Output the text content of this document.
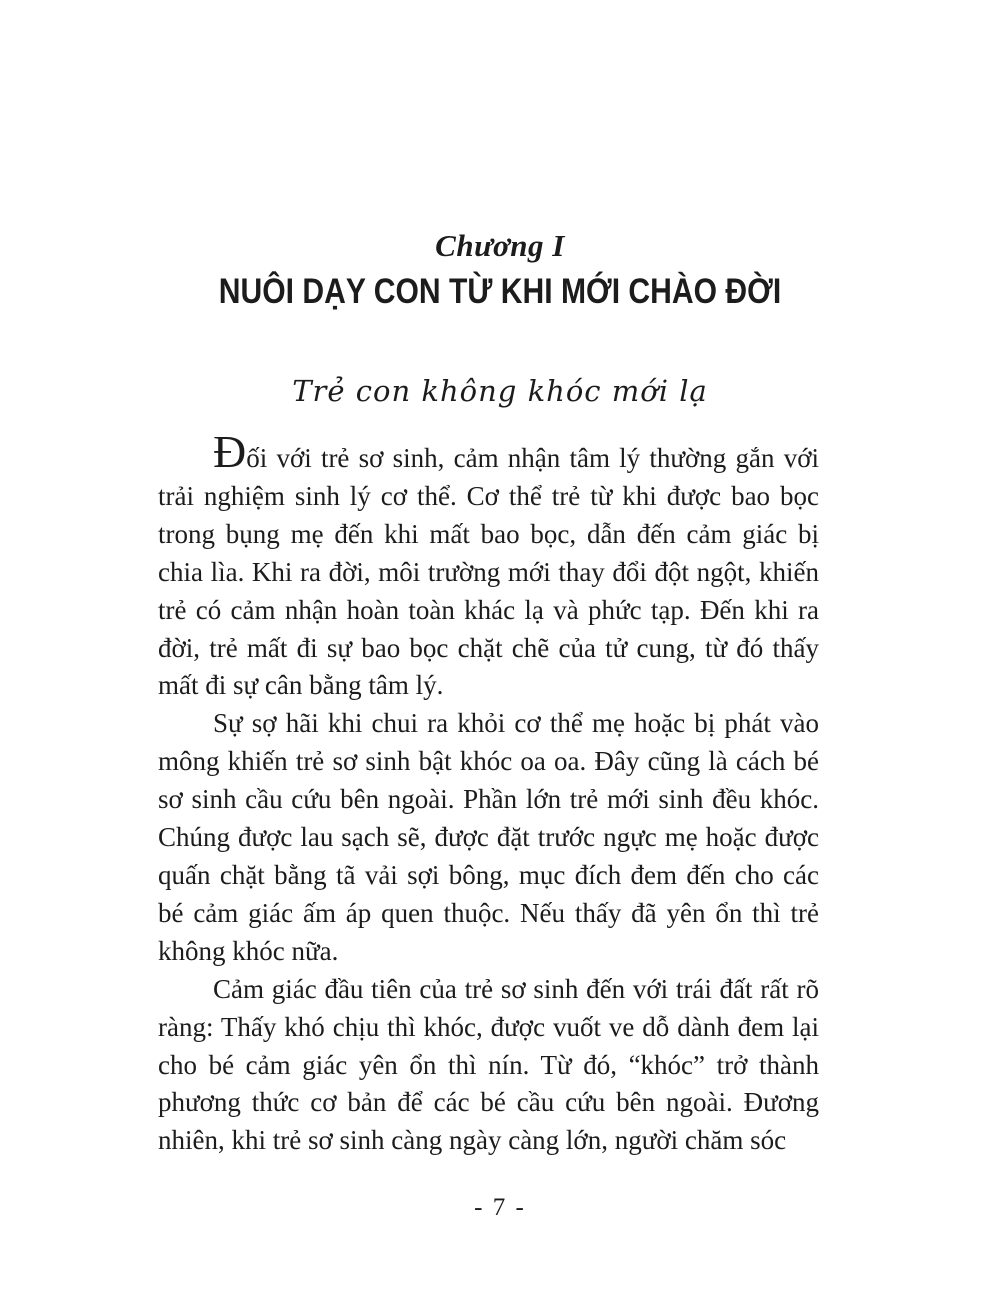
Chương I
NUÔI DẠY CON TỪ KHI MỚI CHÀO ĐỜI
Trẻ con không khóc mới lạ

Đối với trẻ sơ sinh, cảm nhận tâm lý thường gắn với trải nghiệm sinh lý cơ thể. Cơ thể trẻ từ khi được bao bọc trong bụng mẹ đến khi mất bao bọc, dẫn đến cảm giác bị chia lìa. Khi ra đời, môi trường mới thay đổi đột ngột, khiến trẻ có cảm nhận hoàn toàn khác lạ và phức tạp. Đến khi ra đời, trẻ mất đi sự bao bọc chặt chẽ của tử cung, từ đó thấy mất đi sự cân bằng tâm lý.

Sự sợ hãi khi chui ra khỏi cơ thể mẹ hoặc bị phát vào mông khiến trẻ sơ sinh bật khóc oa oa. Đây cũng là cách bé sơ sinh cầu cứu bên ngoài. Phần lớn trẻ mới sinh đều khóc. Chúng được lau sạch sẽ, được đặt trước ngực mẹ hoặc được quấn chặt bằng tã vải sợi bông, mục đích đem đến cho các bé cảm giác ấm áp quen thuộc. Nếu thấy đã yên ổn thì trẻ không khóc nữa.

Cảm giác đầu tiên của trẻ sơ sinh đến với trái đất rất rõ ràng: Thấy khó chịu thì khóc, được vuốt ve dỗ dành đem lại cho bé cảm giác yên ổn thì nín. Từ đó, “khóc” trở thành phương thức cơ bản để các bé cầu cứu bên ngoài. Đương nhiên, khi trẻ sơ sinh càng ngày càng lớn, người chăm sóc

- 7 -
